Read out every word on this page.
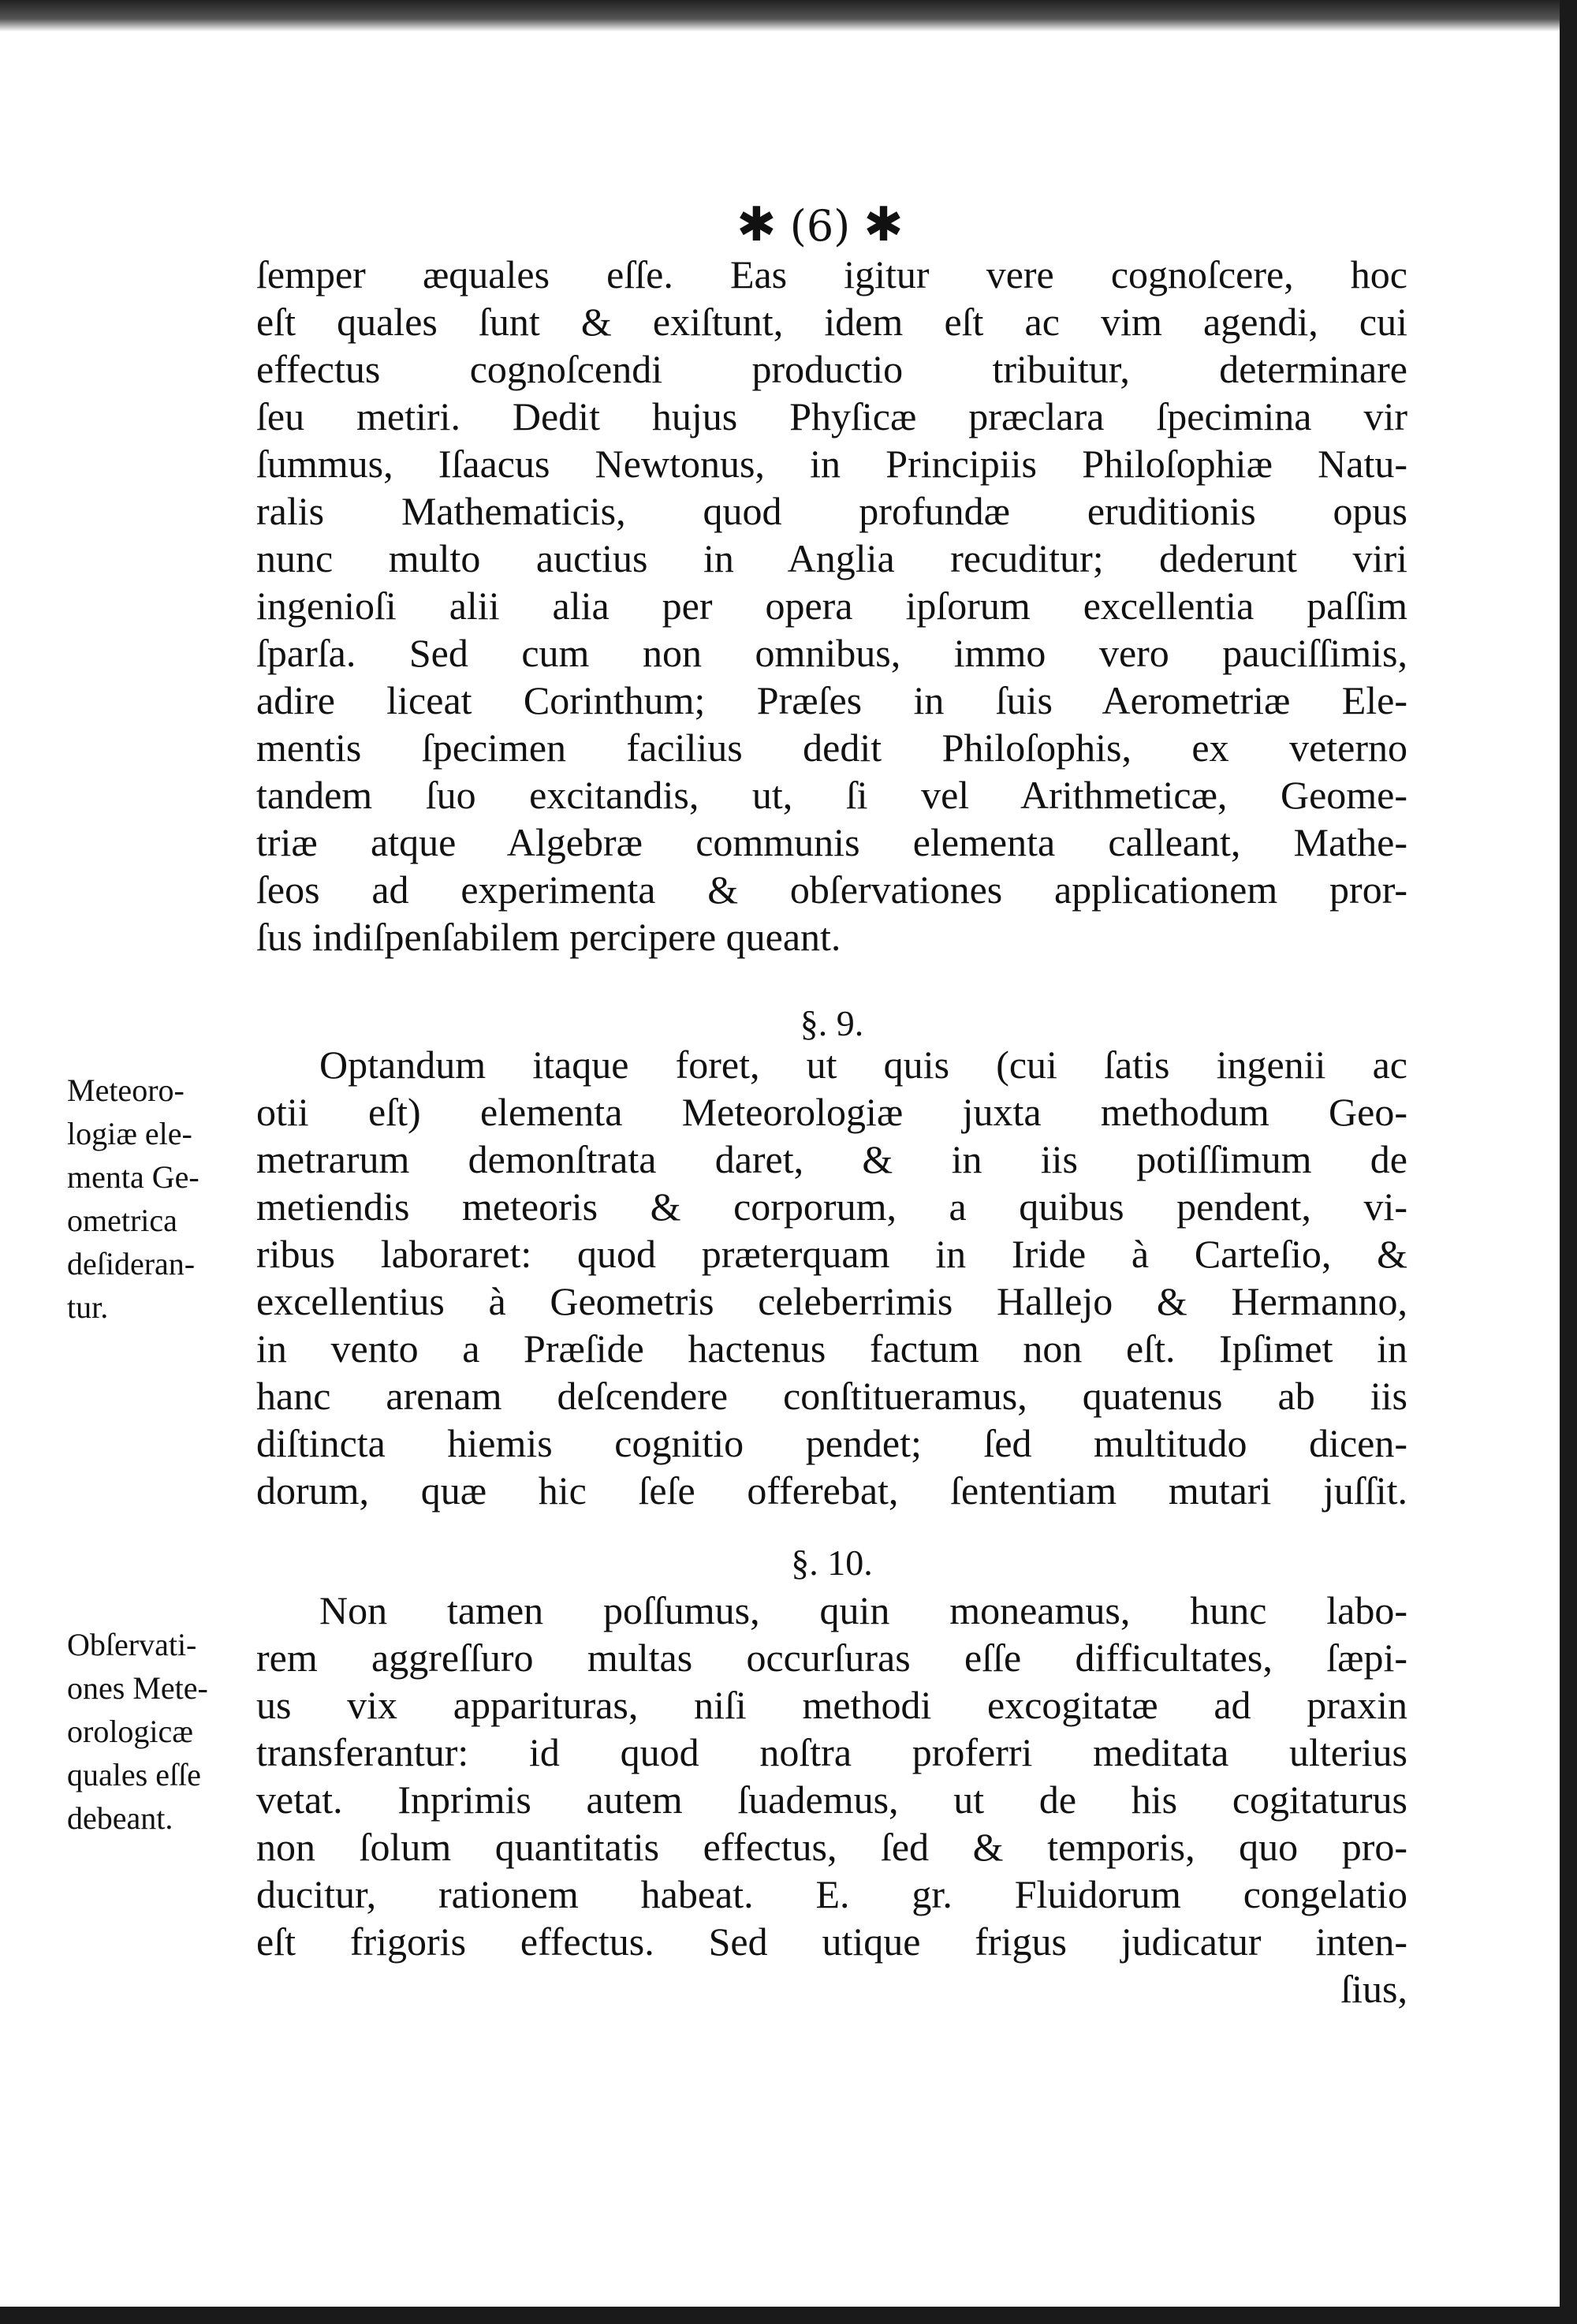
✱ (6) ✱
ſemper æquales eſſe. Eas igitur vere cognoſcere, hoc
eſt quales ſunt & exiſtunt, idem eſt ac vim agendi, cui
effectus cognoſcendi productio tribuitur, determinare
ſeu metiri. Dedit hujus Phyſicæ præclara ſpecimina vir
ſummus, Iſaacus Newtonus, in Principiis Philoſophiæ Natu-
ralis Mathematicis, quod profundæ eruditionis opus
nunc multo auctius in Anglia recuditur; dederunt viri
ingenioſi alii alia per opera ipſorum excellentia paſſim
ſparſa. Sed cum non omnibus, immo vero pauciſſimis,
adire liceat Corinthum; Præſes in ſuis Aerometriæ Ele-
mentis ſpecimen facilius dedit Philoſophis, ex veterno
tandem ſuo excitandis, ut, ſi vel Arithmeticæ, Geome-
triæ atque Algebræ communis elementa calleant, Mathe-
ſeos ad experimenta & obſervationes applicationem pror-
ſus indiſpenſabilem percipere queant.
§. 9.
Optandum itaque foret, ut quis (cui ſatis ingenii ac
otii eſt) elementa Meteorologiæ juxta methodum Geo-
metrarum demonſtrata daret, & in iis potiſſimum de
metiendis meteoris & corporum, a quibus pendent, vi-
ribus laboraret: quod præterquam in Iride à Carteſio, &
excellentius à Geometris celeberrimis Hallejo & Hermanno,
in vento a Præſide hactenus factum non eſt. Ipſimet in
hanc arenam deſcendere conſtitueramus, quatenus ab iis
diſtincta hiemis cognitio pendet; ſed multitudo dicen-
dorum, quæ hic ſeſe offerebat, ſententiam mutari juſſit.
Meteoro-
logiæ ele-
menta Ge-
ometrica
deſideran-
tur.
§. 10.
Non tamen poſſumus, quin moneamus, hunc labo-
rem aggreſſuro multas occurſuras eſſe difficultates, ſæpi-
us vix apparituras, niſi methodi excogitatæ ad praxin
transferantur: id quod noſtra proferri meditata ulterius
vetat. Inprimis autem ſuademus, ut de his cogitaturus
non ſolum quantitatis effectus, ſed & temporis, quo pro-
ducitur, rationem habeat. E. gr. Fluidorum congelatio
eſt frigoris effectus. Sed utique frigus judicatur inten-
ſius,
Obſervati-
ones Mete-
orologicæ
quales eſſe
debeant.
